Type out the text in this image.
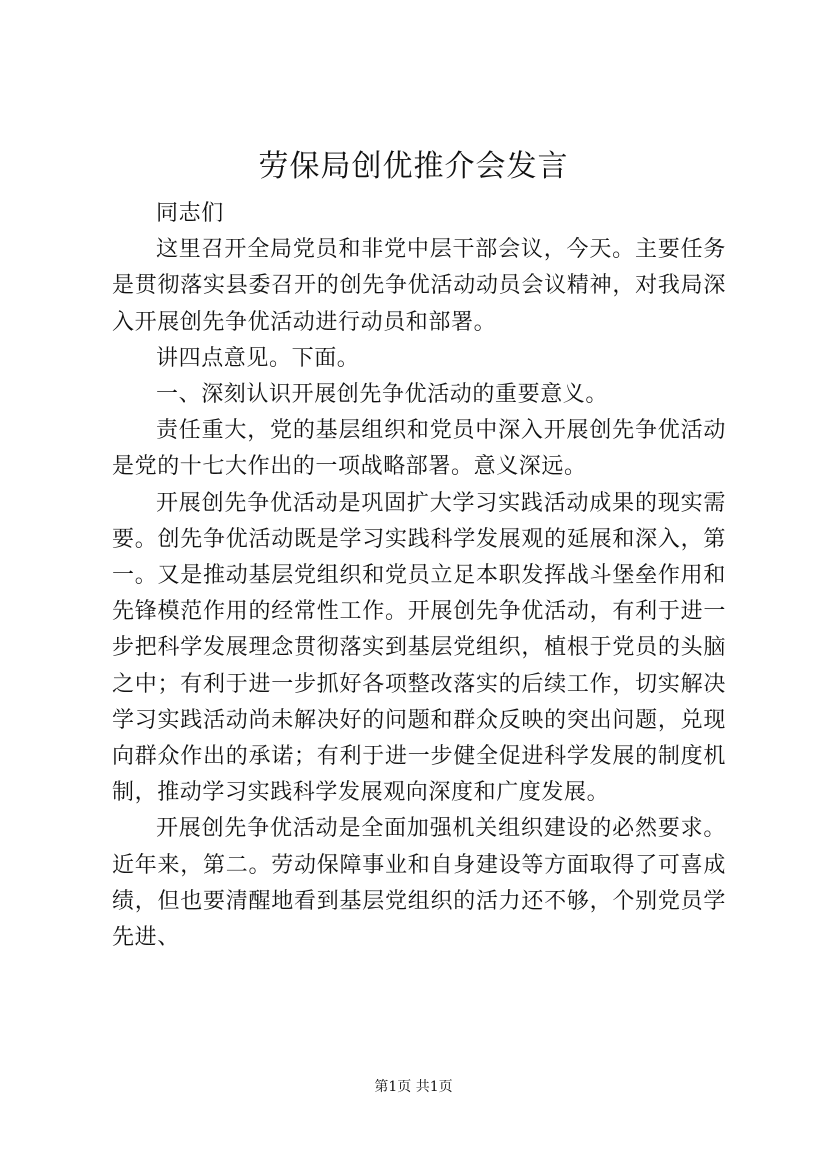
劳保局创优推介会发言

同志们

这里召开全局党员和非党中层干部会议，今天。主要任务是贯彻落实县委召开的创先争优活动动员会议精神，对我局深入开展创先争优活动进行动员和部署。

讲四点意见。下面。

一、深刻认识开展创先争优活动的重要意义。

责任重大，党的基层组织和党员中深入开展创先争优活动是党的十七大作出的一项战略部署。意义深远。

开展创先争优活动是巩固扩大学习实践活动成果的现实需要。创先争优活动既是学习实践科学发展观的延展和深入，第一。又是推动基层党组织和党员立足本职发挥战斗堡垒作用和先锋模范作用的经常性工作。开展创先争优活动，有利于进一步把科学发展理念贯彻落实到基层党组织，植根于党员的头脑之中；有利于进一步抓好各项整改落实的后续工作，切实解决学习实践活动尚未解决好的问题和群众反映的突出问题，兑现向群众作出的承诺；有利于进一步健全促进科学发展的制度机制，推动学习实践科学发展观向深度和广度发展。

开展创先争优活动是全面加强机关组织建设的必然要求。近年来，第二。劳动保障事业和自身建设等方面取得了可喜成绩，但也要清醒地看到基层党组织的活力还不够，个别党员学先进、

第1页 共1页
